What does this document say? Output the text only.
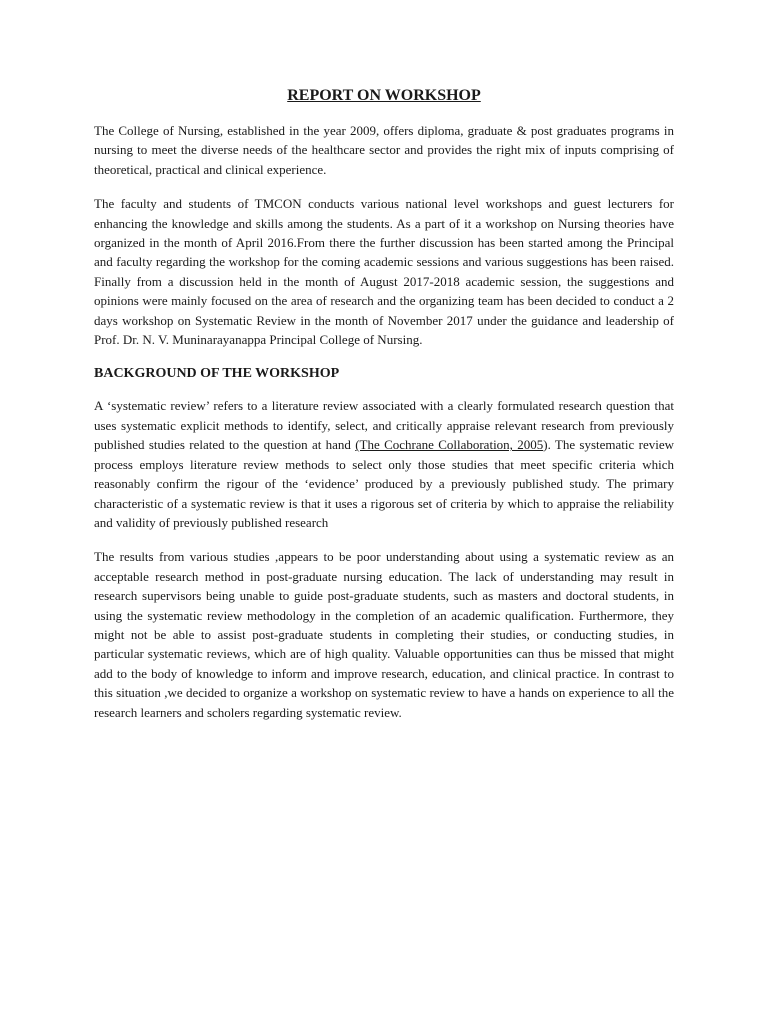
REPORT ON WORKSHOP

The College of Nursing, established in the year 2009, offers diploma, graduate & post graduates programs in nursing to meet the diverse needs of the healthcare sector and provides the right mix of inputs comprising of theoretical, practical and clinical experience.

The faculty and students of TMCON conducts various national level workshops and guest lecturers for enhancing the knowledge and skills among the students. As a part of it a workshop on Nursing theories have organized in the month of April 2016.From there the further discussion has been started among the Principal and faculty regarding the workshop for the coming academic sessions and various suggestions has been raised. Finally from a discussion held in the month of August 2017-2018 academic session, the suggestions and opinions were mainly focused on the area of research and the organizing team has been decided to conduct a 2 days workshop on Systematic Review in the month of November 2017 under the guidance and leadership of Prof. Dr. N. V. Muninarayanappa Principal College of Nursing.

BACKGROUND OF THE WORKSHOP

A ‘systematic review’ refers to a literature review associated with a clearly formulated research question that uses systematic explicit methods to identify, select, and critically appraise relevant research from previously published studies related to the question at hand (The Cochrane Collaboration, 2005). The systematic review process employs literature review methods to select only those studies that meet specific criteria which reasonably confirm the rigour of the ‘evidence’ produced by a previously published study. The primary characteristic of a systematic review is that it uses a rigorous set of criteria by which to appraise the reliability and validity of previously published research

The results from various studies ,appears to be poor understanding about using a systematic review as an acceptable research method in post-graduate nursing education. The lack of understanding may result in research supervisors being unable to guide post-graduate students, such as masters and doctoral students, in using the systematic review methodology in the completion of an academic qualification. Furthermore, they might not be able to assist post-graduate students in completing their studies, or conducting studies, in particular systematic reviews, which are of high quality. Valuable opportunities can thus be missed that might add to the body of knowledge to inform and improve research, education, and clinical practice. In contrast to this situation ,we decided to organize a workshop on systematic review to have a hands on experience to all the research learners and scholers regarding systematic review.
